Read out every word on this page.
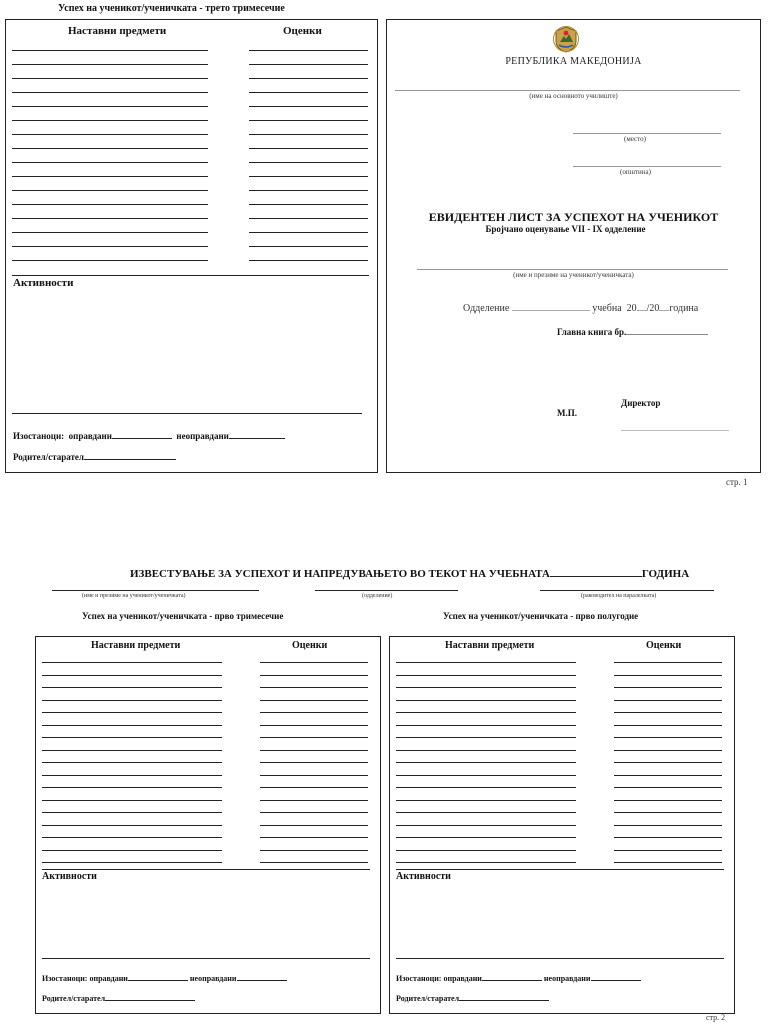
Успех на ученикот/ученичката - трето тримесечие
Наставни предмети	Оценки
Активности
Изостаноци: оправдани	неоправдани
Родител/старател
РЕПУБЛИКА МАКЕДОНИЈА
(име на основното училиште)
(место)
(општина)
ЕВИДЕНТЕН ЛИСТ ЗА УСПЕХОТ НА УЧЕНИКОТ
Бројчано оценување VII - IX одделение
(име и презиме на ученикот/ученичката)
Одделение	учебна 20 /20 година
Главна книга бр.
Директор
М.П.
стр. 1
ИЗВЕСТУВАЊЕ ЗА УСПЕХОТ И НАПРЕДУВАЊЕТО ВО ТЕКОТ НА УЧЕБНАТА	ГОДИНА
(име и презиме на ученикот/ученичката)	(одделение)	(раководител на паралелката)
Успех на ученикот/ученичката - прво тримесечие	Успех на ученикот/ученичката - прво полугодие
Наставни предмети	Оценки
Активности
Изостаноци: оправдани	неоправдани
Родител/старател
Наставни предмети	Оценки
Активности
Изостаноци: оправдани	неоправдани
Родител/старател
стр. 2
